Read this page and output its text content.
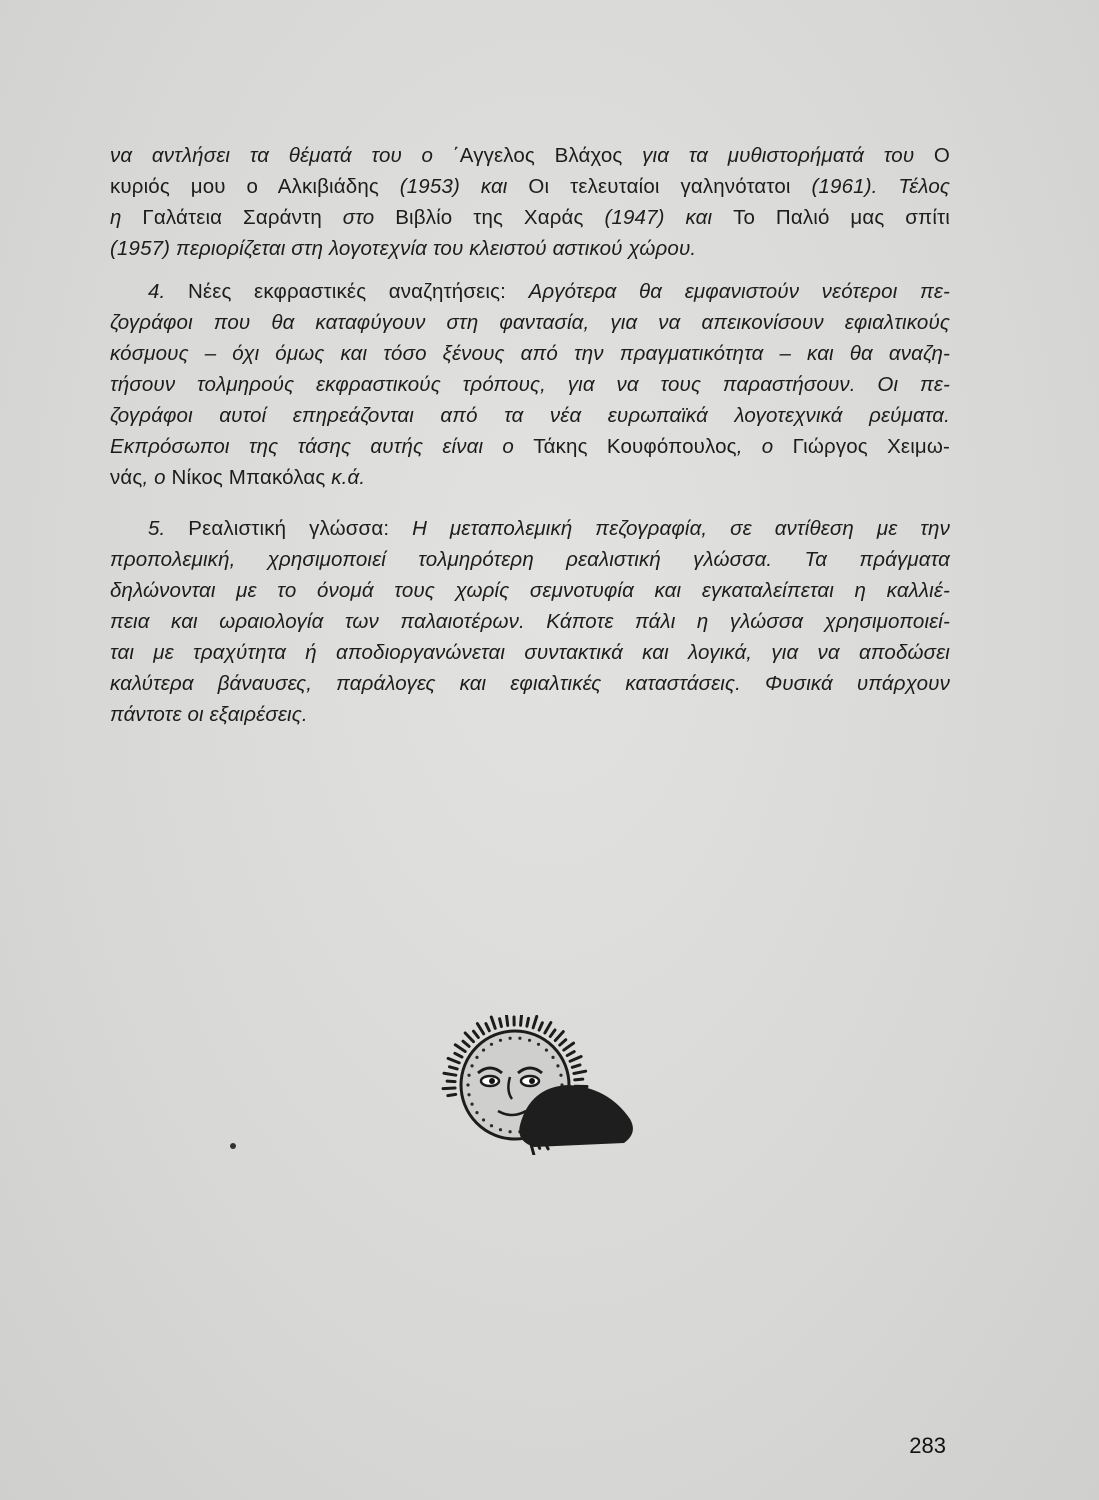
να αντλήσει τα θέματά του ο ΄Αγγελος Βλάχος για τα μυθιστορήματά του Ο
κυριός μου ο Αλκιβιάδης (1953) και Οι τελευταίοι γαληνότατοι (1961). Τέλος
η Γαλάτεια Σαράντη στο Βιβλίο της Χαράς (1947) και Το Παλιό μας σπίτι
(1957) περιορίζεται στη λογοτεχνία του κλειστού αστικού χώρου.

4. Νέες εκφραστικές αναζητήσεις: Αργότερα θα εμφανιστούν νεότεροι πε-
ζογράφοι που θα καταφύγουν στη φαντασία, για να απεικονίσουν εφιαλτικούς
κόσμους – όχι όμως και τόσο ξένους από την πραγματικότητα – και θα αναζη-
τήσουν τολμηρούς εκφραστικούς τρόπους, για να τους παραστήσουν. Οι πε-
ζογράφοι αυτοί επηρεάζονται από τα νέα ευρωπαϊκά λογοτεχνικά ρεύματα.
Εκπρόσωποι της τάσης αυτής είναι ο Τάκης Κουφόπουλος, ο Γιώργος Χειμω-
νάς, ο Νίκος Μπακόλας κ.ά.

5. Ρεαλιστική γλώσσα: Η μεταπολεμική πεζογραφία, σε αντίθεση με την
προπολεμική, χρησιμοποιεί τολμηρότερη ρεαλιστική γλώσσα. Τα πράγματα
δηλώνονται με το όνομά τους χωρίς σεμνοτυφία και εγκαταλείπεται η καλλιέ-
πεια και ωραιολογία των παλαιοτέρων. Κάποτε πάλι η γλώσσα χρησιμοποιεί-
ται με τραχύτητα ή αποδιοργανώνεται συντακτικά και λογικά, για να αποδώσει
καλύτερα βάναυσες, παράλογες και εφιαλτικές καταστάσεις. Φυσικά υπάρχουν
πάντοτε οι εξαιρέσεις.

283
